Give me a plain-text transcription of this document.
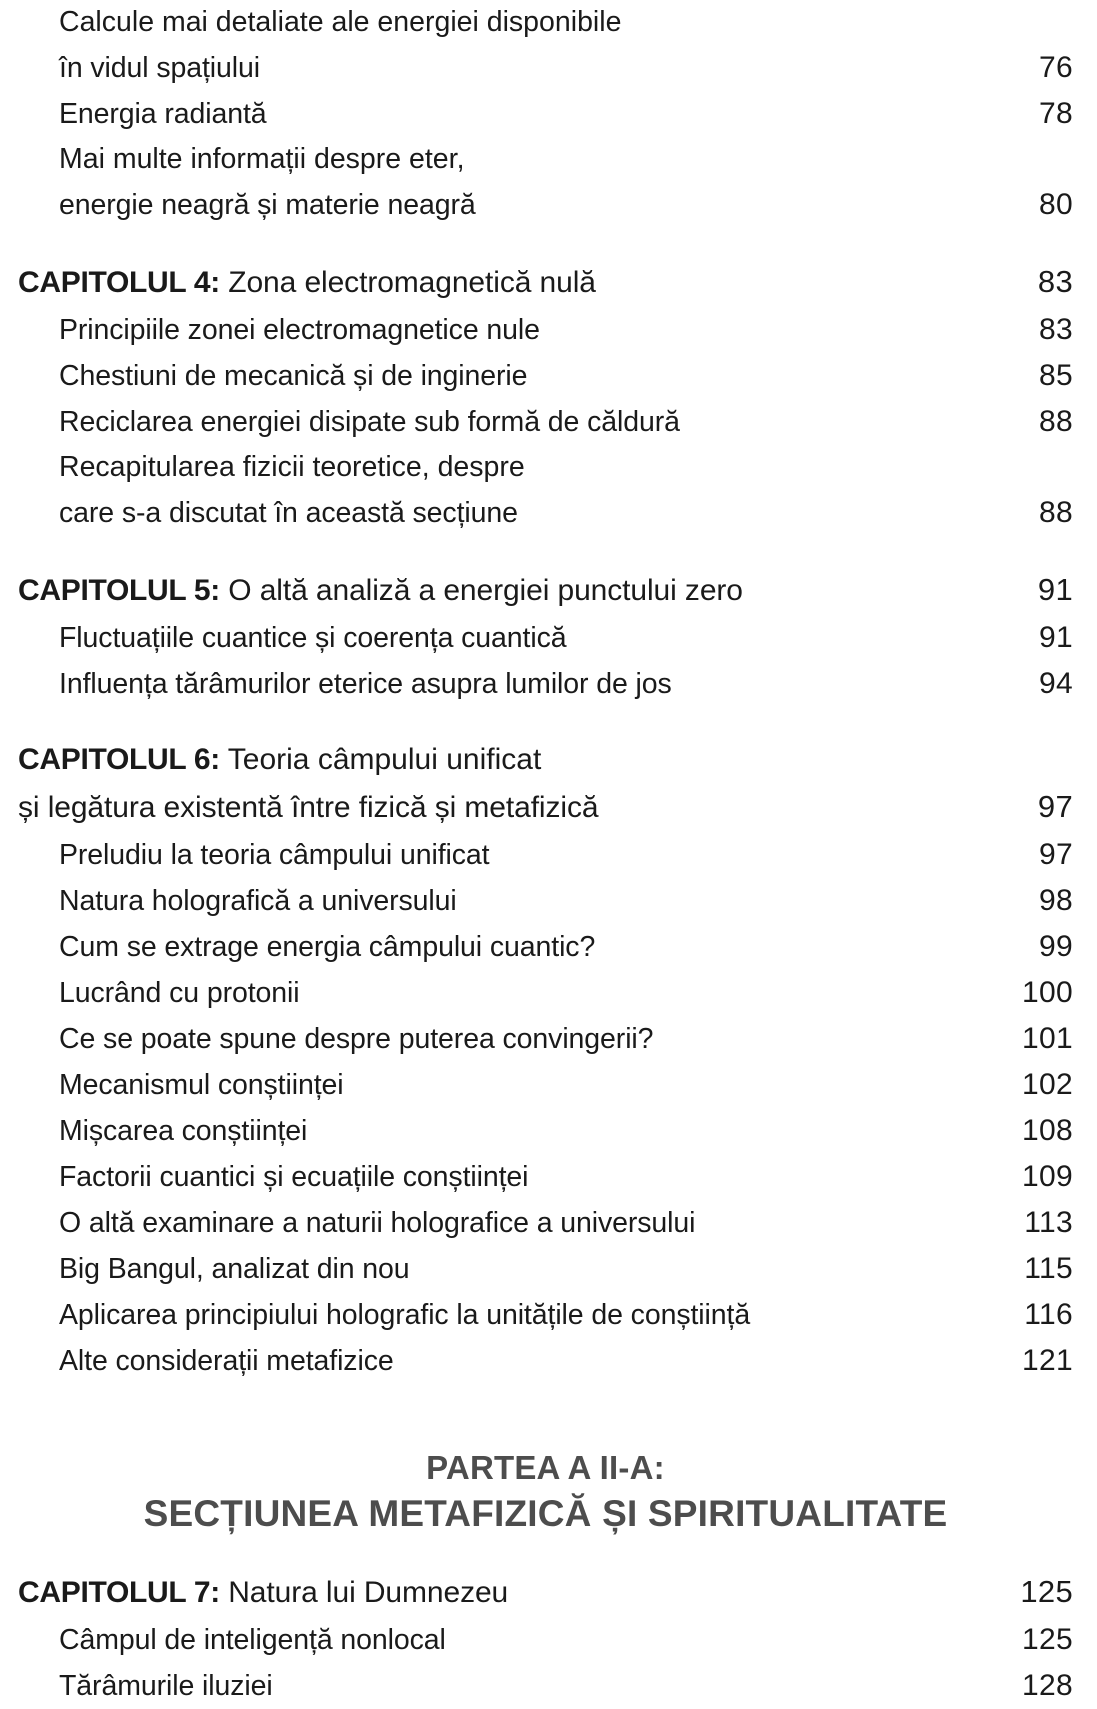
Calcule mai detaliate ale energiei disponibile
în vidul spațiului .....	76
Energia radiantă .....	78
Mai multe informații despre eter,
energie neagră și materie neagră .....	80
CAPITOLUL 4: Zona electromagnetică nulă .....	83
Principiile zonei electromagnetice nule .....	83
Chestiuni de mecanică și de inginerie .....	85
Reciclarea energiei disipate sub formă de căldură .....	88
Recapitularea fizicii teoretice, despre
care s-a discutat în această secțiune .....	88
CAPITOLUL 5: O altă analiză a energiei punctului zero .....	91
Fluctuațiile cuantice și coerența cuantică .....	91
Influența tărâmurilor eterice asupra lumilor de jos .....	94
CAPITOLUL 6: Teoria câmpului unificat
și legătura existentă între fizică și metafizică .....	97
Preludiu la teoria câmpului unificat .....	97
Natura holografică a universului .....	98
Cum se extrage energia câmpului cuantic? .....	99
Lucrând cu protonii .....	100
Ce se poate spune despre puterea convingerii? .....	101
Mecanismul conștiinței .....	102
Mișcarea conștiinței .....	108
Factorii cuantici și ecuațiile conștiinței .....	109
O altă examinare a naturii holografice a universului .....	113
Big Bangul, analizat din nou .....	115
Aplicarea principiului holografic la unitățile de conștiință .....	116
Alte considerații metafizice .....	121
PARTEA A II-A:
SECȚIUNEA METAFIZICĂ ȘI SPIRITUALITATE
CAPITOLUL 7: Natura lui Dumnezeu .....	125
Câmpul de inteligență nonlocal .....	125
Tărâmurile iluziei .....	128
